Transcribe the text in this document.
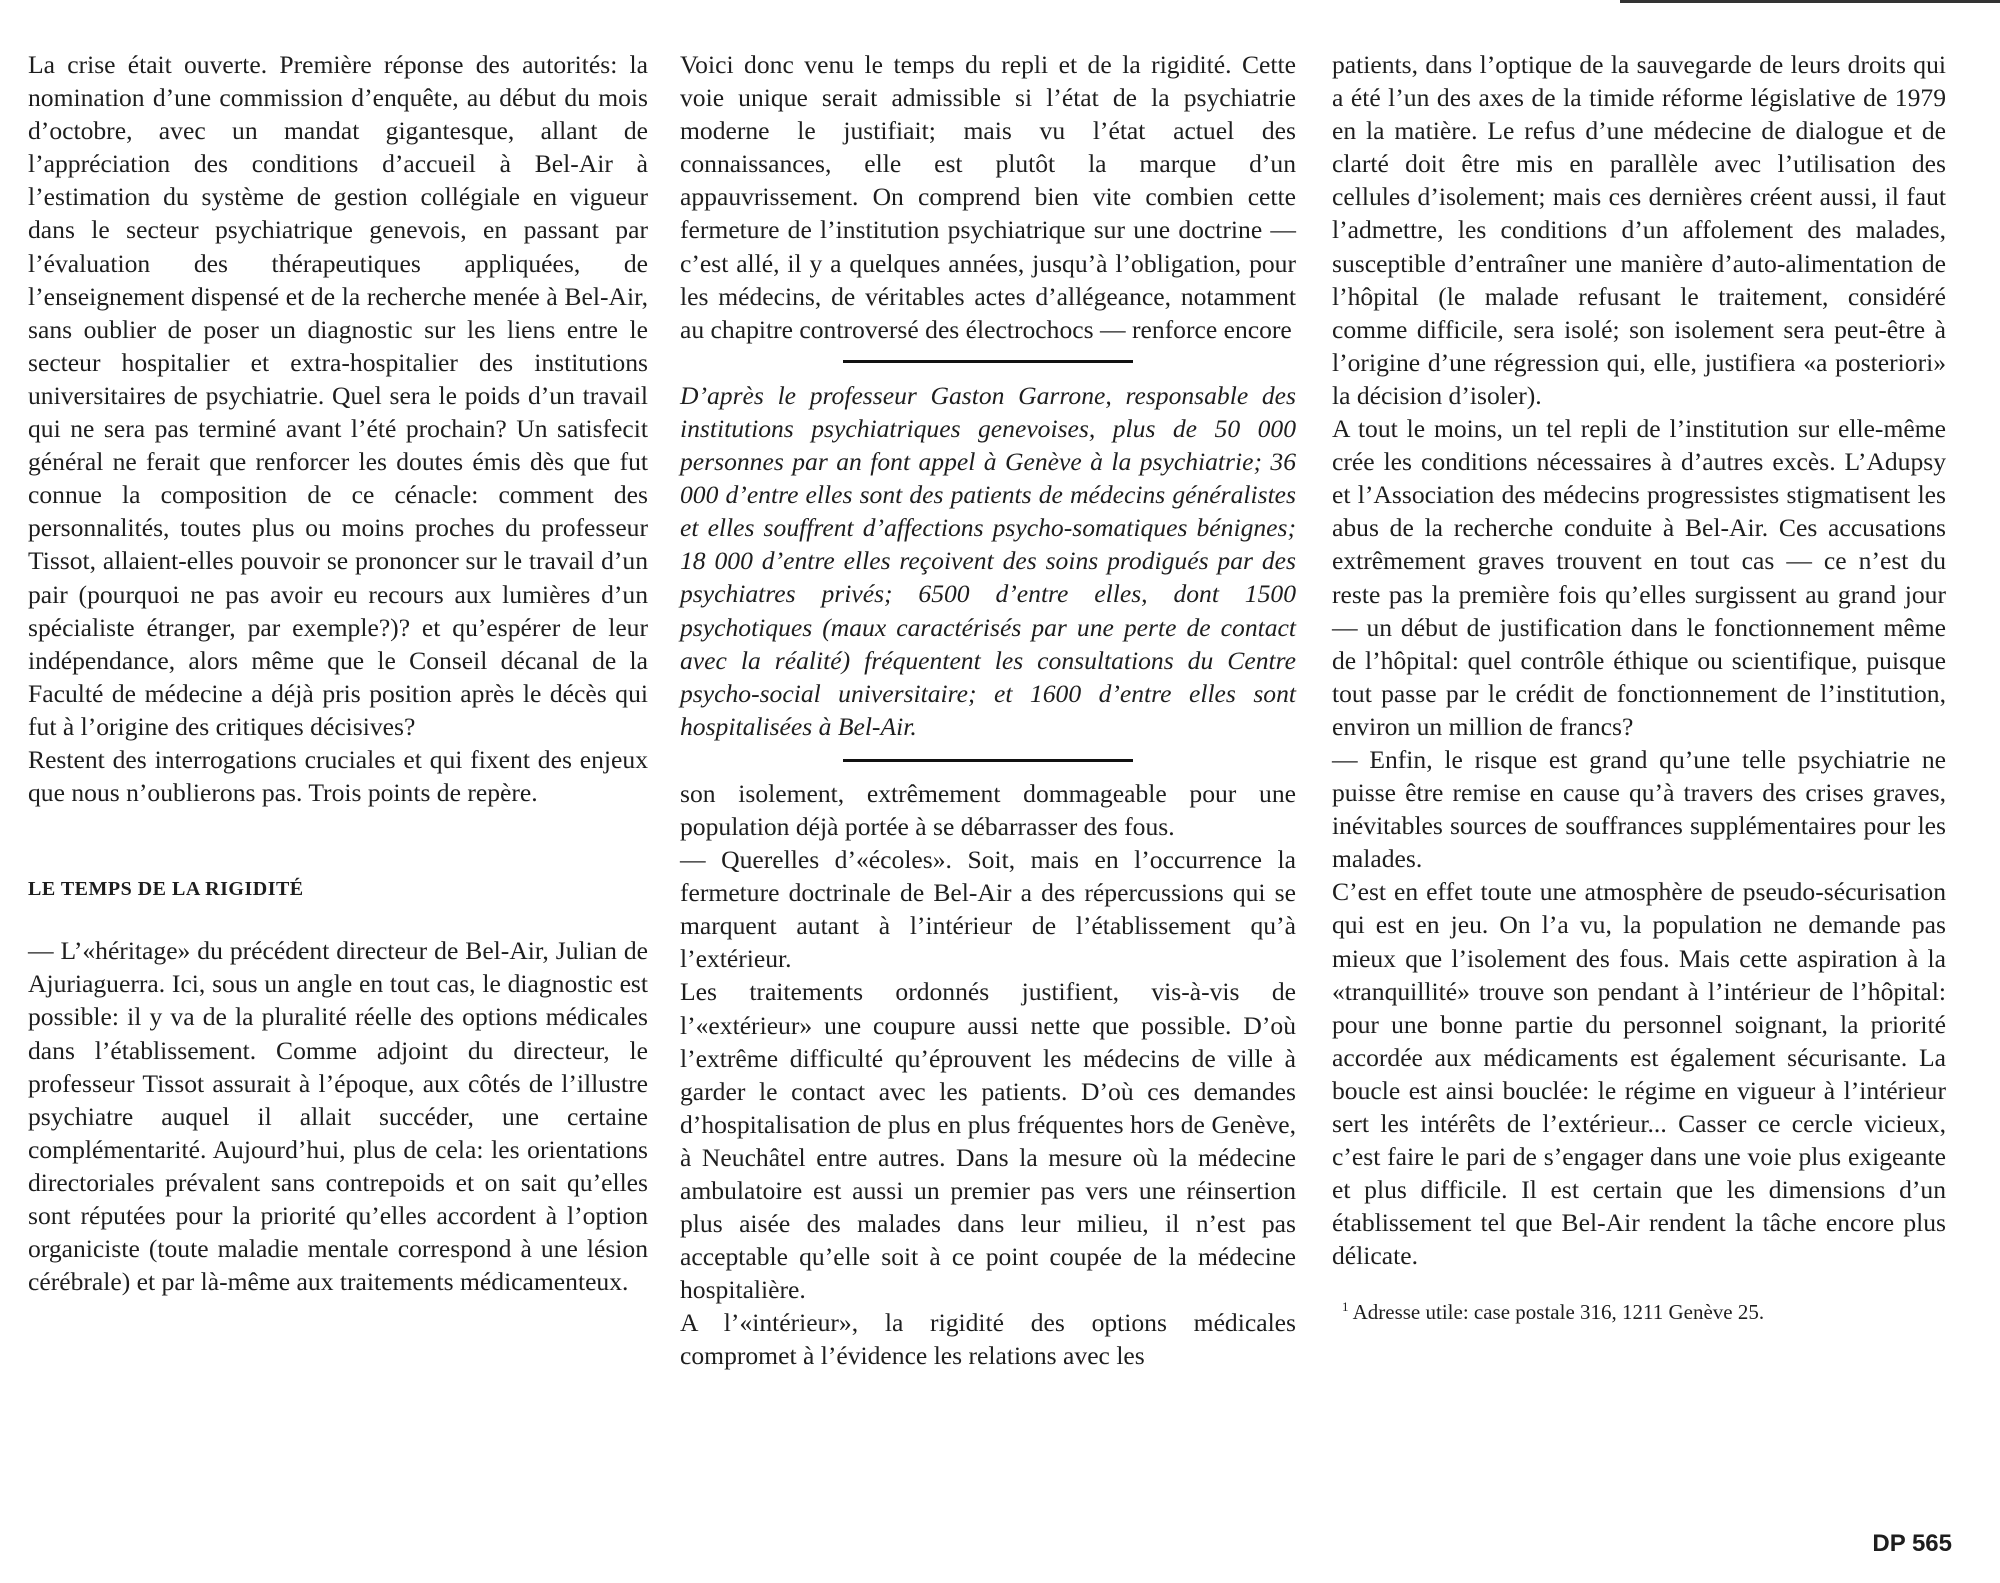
La crise était ouverte. Première réponse des autorités: la nomination d’une commission d’enquête, au début du mois d’octobre, avec un mandat gigantesque, allant de l’appréciation des conditions d’accueil à Bel-Air à l’estimation du système de gestion collégiale en vigueur dans le secteur psychiatrique genevois, en passant par l’évaluation des thérapeutiques appliquées, de l’enseignement dispensé et de la recherche menée à Bel-Air, sans oublier de poser un diagnostic sur les liens entre le secteur hospitalier et extra-hospitalier des institutions universitaires de psychiatrie. Quel sera le poids d’un travail qui ne sera pas terminé avant l’été prochain? Un satisfecit général ne ferait que renforcer les doutes émis dès que fut connue la composition de ce cénacle: comment des personnalités, toutes plus ou moins proches du professeur Tissot, allaient-elles pouvoir se prononcer sur le travail d’un pair (pourquoi ne pas avoir eu recours aux lumières d’un spécialiste étranger, par exemple?)? et qu’espérer de leur indépendance, alors même que le Conseil décanal de la Faculté de médecine a déjà pris position après le décès qui fut à l’origine des critiques décisives?

Restent des interrogations cruciales et qui fixent des enjeux que nous n’oublierons pas. Trois points de repère.

LE TEMPS DE LA RIGIDITÉ

— L’«héritage» du précédent directeur de Bel-Air, Julian de Ajuriaguerra. Ici, sous un angle en tout cas, le diagnostic est possible: il y va de la pluralité réelle des options médicales dans l’établissement. Comme adjoint du directeur, le professeur Tissot assurait à l’époque, aux côtés de l’illustre psychiatre auquel il allait succéder, une certaine complémentarité. Aujourd’hui, plus de cela: les orientations directoriales prévalent sans contrepoids et on sait qu’elles sont réputées pour la priorité qu’elles accordent à l’option organiciste (toute maladie mentale correspond à une lésion cérébrale) et par là-même aux traitements médicamenteux.

Voici donc venu le temps du repli et de la rigidité. Cette voie unique serait admissible si l’état de la psychiatrie moderne le justifiait; mais vu l’état actuel des connaissances, elle est plutôt la marque d’un appauvrissement. On comprend bien vite combien cette fermeture de l’institution psychiatrique sur une doctrine — c’est allé, il y a quelques années, jusqu’à l’obligation, pour les médecins, de véritables actes d’allégeance, notamment au chapitre controversé des électrochocs — renforce encore

D’après le professeur Gaston Garrone, responsable des institutions psychiatriques genevoises, plus de 50 000 personnes par an font appel à Genève à la psychiatrie; 36 000 d’entre elles sont des patients de médecins généralistes et elles souffrent d’affections psycho-somatiques bénignes; 18 000 d’entre elles reçoivent des soins prodigués par des psychiatres privés; 6500 d’entre elles, dont 1500 psychotiques (maux caractérisés par une perte de contact avec la réalité) fréquentent les consultations du Centre psycho-social universitaire; et 1600 d’entre elles sont hospitalisées à Bel-Air.

son isolement, extrêmement dommageable pour une population déjà portée à se débarrasser des fous.

— Querelles d’«écoles». Soit, mais en l’occurrence la fermeture doctrinale de Bel-Air a des répercussions qui se marquent autant à l’intérieur de l’établissement qu’à l’extérieur.

Les traitements ordonnés justifient, vis-à-vis de l’«extérieur» une coupure aussi nette que possible. D’où l’extrême difficulté qu’éprouvent les médecins de ville à garder le contact avec les patients. D’où ces demandes d’hospitalisation de plus en plus fréquentes hors de Genève, à Neuchâtel entre autres. Dans la mesure où la médecine ambulatoire est aussi un premier pas vers une réinsertion plus aisée des malades dans leur milieu, il n’est pas acceptable qu’elle soit à ce point coupée de la médecine hospitalière.

A l’«intérieur», la rigidité des options médicales compromet à l’évidence les relations avec les

patients, dans l’optique de la sauvegarde de leurs droits qui a été l’un des axes de la timide réforme législative de 1979 en la matière. Le refus d’une médecine de dialogue et de clarté doit être mis en parallèle avec l’utilisation des cellules d’isolement; mais ces dernières créent aussi, il faut l’admettre, les conditions d’un affolement des malades, susceptible d’entraîner une manière d’auto-alimentation de l’hôpital (le malade refusant le traitement, considéré comme difficile, sera isolé; son isolement sera peut-être à l’origine d’une régression qui, elle, justifiera «a posteriori» la décision d’isoler).

A tout le moins, un tel repli de l’institution sur elle-même crée les conditions nécessaires à d’autres excès. L’Adupsy et l’Association des médecins progressistes stigmatisent les abus de la recherche conduite à Bel-Air. Ces accusations extrêmement graves trouvent en tout cas — ce n’est du reste pas la première fois qu’elles surgissent au grand jour — un début de justification dans le fonctionnement même de l’hôpital: quel contrôle éthique ou scientifique, puisque tout passe par le crédit de fonctionnement de l’institution, environ un million de francs?

— Enfin, le risque est grand qu’une telle psychiatrie ne puisse être remise en cause qu’à travers des crises graves, inévitables sources de souffrances supplémentaires pour les malades.

C’est en effet toute une atmosphère de pseudo-sécurisation qui est en jeu. On l’a vu, la population ne demande pas mieux que l’isolement des fous. Mais cette aspiration à la «tranquillité» trouve son pendant à l’intérieur de l’hôpital: pour une bonne partie du personnel soignant, la priorité accordée aux médicaments est également sécurisante. La boucle est ainsi bouclée: le régime en vigueur à l’intérieur sert les intérêts de l’extérieur... Casser ce cercle vicieux, c’est faire le pari de s’engager dans une voie plus exigeante et plus difficile. Il est certain que les dimensions d’un établissement tel que Bel-Air rendent la tâche encore plus délicate.

$^1$ Adresse utile: case postale 316, 1211 Genève 25.

DP 565
